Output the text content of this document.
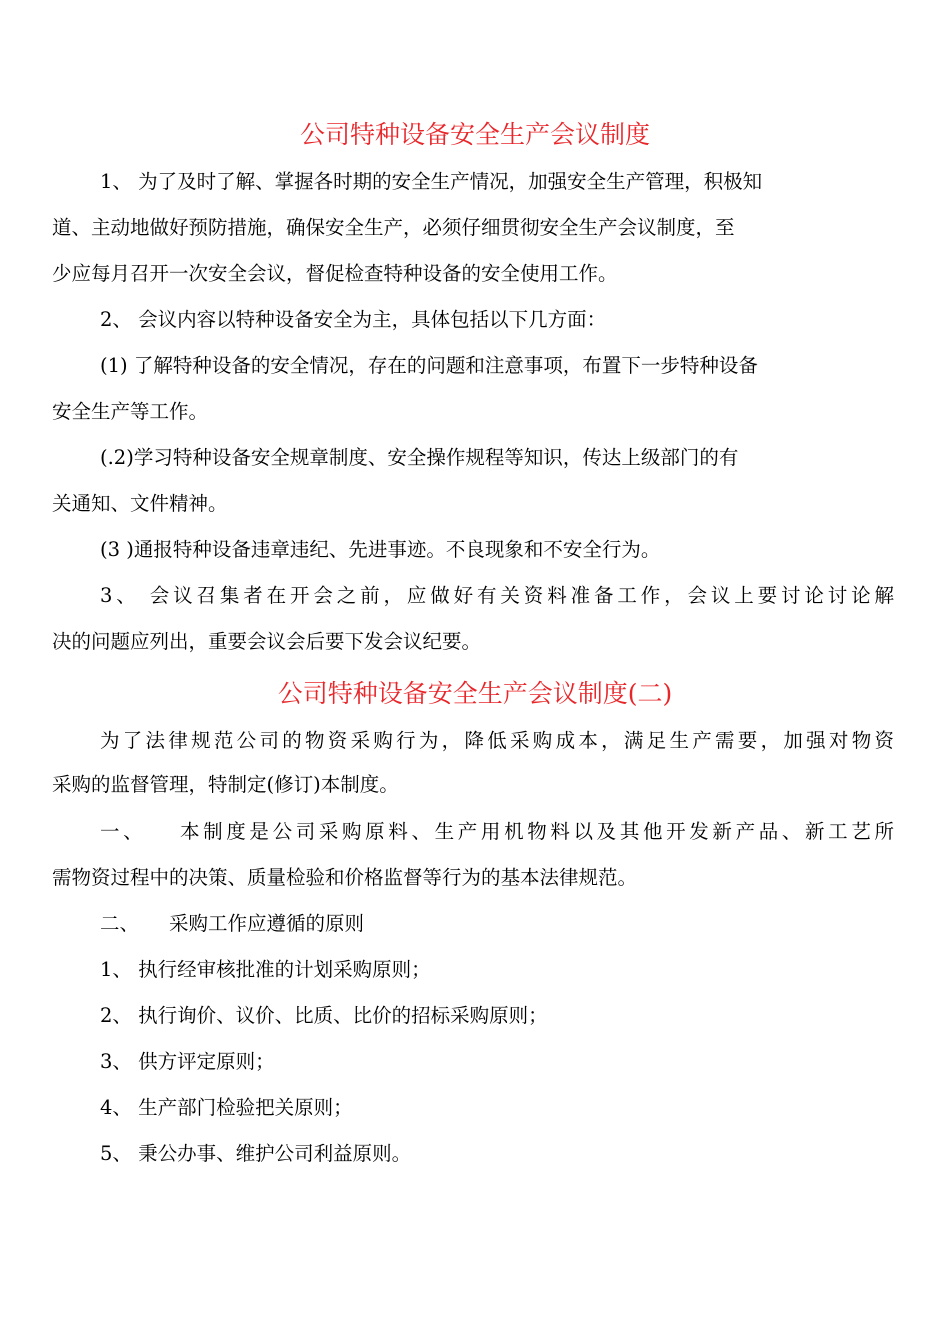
公司特种设备安全生产会议制度

1、 为了及时了解、掌握各时期的安全生产情况，加强安全生产管理，积极知

道、主动地做好预防措施，确保安全生产，必须仔细贯彻安全生产会议制度，至

少应每月召开一次安全会议，督促检查特种设备的安全使用工作。

2、 会议内容以特种设备安全为主，具体包括以下几方面：

(1) 了解特种设备的安全情况，存在的问题和注意事项，布置下一步特种设备

安全生产等工作。

(.2)学习特种设备安全规章制度、安全操作规程等知识，传达上级部门的有

关通知、文件精神。

(3 )通报特种设备违章违纪、先进事迹。不良现象和不安全行为。

3、 会议召集者在开会之前，应做好有关资料准备工作，会议上要讨论讨论解

决的问题应列出，重要会议会后要下发会议纪要。

公司特种设备安全生产会议制度(二)

为了法律规范公司的物资采购行为，降低采购成本，满足生产需要，加强对物资

采购的监督管理，特制定(修订)本制度。

一、 本制度是公司采购原料、生产用机物料以及其他开发新产品、新工艺所

需物资过程中的决策、质量检验和价格监督等行为的基本法律规范。

二、 采购工作应遵循的原则

1、 执行经审核批准的计划采购原则；

2、 执行询价、议价、比质、比价的招标采购原则；

3、 供方评定原则；

4、 生产部门检验把关原则；

5、 秉公办事、维护公司利益原则。
